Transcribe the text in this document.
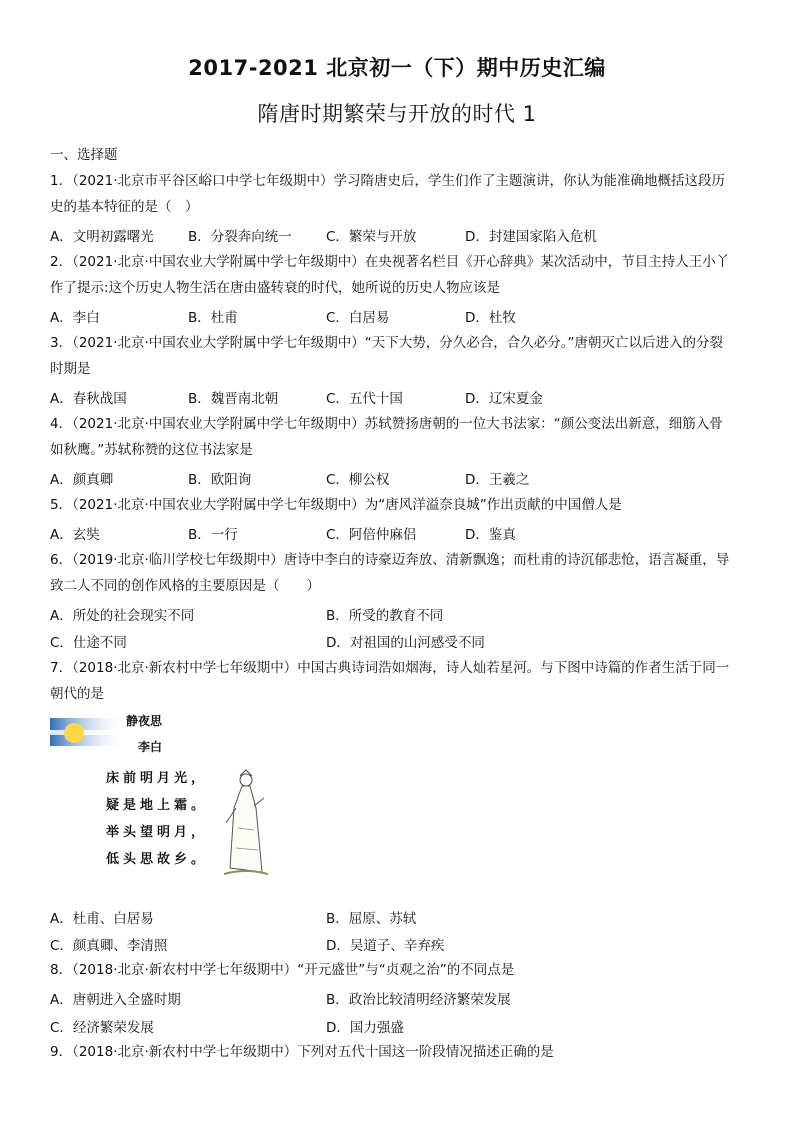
2017-2021 北京初一（下）期中历史汇编
隋唐时期繁荣与开放的时代 1
一、选择题
1．（2021·北京市平谷区峪口中学七年级期中）学习隋唐史后，学生们作了主题演讲，你认为能准确地概括这段历
史的基本特征的是（　）
A．文明初露曙光	B．分裂奔向统一	C．繁荣与开放	D．封建国家陷入危机
2．（2021·北京·中国农业大学附属中学七年级期中）在央视著名栏目《开心辞典》某次活动中，节目主持人王小丫
作了提示:这个历史人物生活在唐由盛转衰的时代，她所说的历史人物应该是
A．李白	B．杜甫	C．白居易	D．杜牧
3．（2021·北京·中国农业大学附属中学七年级期中）“天下大势，分久必合，合久必分。”唐朝灭亡以后进入的分裂
时期是
A．春秋战国	B．魏晋南北朝	C．五代十国	D．辽宋夏金
4．（2021·北京·中国农业大学附属中学七年级期中）苏轼赞扬唐朝的一位大书法家：“颜公变法出新意，细筋入骨
如秋鹰。”苏轼称赞的这位书法家是
A．颜真卿	B．欧阳询	C．柳公权	D．王羲之
5．（2021·北京·中国农业大学附属中学七年级期中）为“唐风洋溢奈良城”作出贡献的中国僧人是
A．玄奘	B．一行	C．阿倍仲麻侣	D．鉴真
6．（2019·北京·临川学校七年级期中）唐诗中李白的诗豪迈奔放、清新飘逸；而杜甫的诗沉郁悲怆，语言凝重，导
致二人不同的创作风格的主要原因是（　　）
A．所处的社会现实不同	B．所受的教育不同
C．仕途不同	D．对祖国的山河感受不同
7．（2018·北京·新农村中学七年级期中）中国古典诗词浩如烟海，诗人灿若星河。与下图中诗篇的作者生活于同一
朝代的是
静夜思
李白
床前明月光，
疑是地上霜。
举头望明月，
低头思故乡。
A．杜甫、白居易	B．屈原、苏轼
C．颜真卿、李清照	D．吴道子、辛弃疾
8．（2018·北京·新农村中学七年级期中）“开元盛世”与“贞观之治”的不同点是
A．唐朝进入全盛时期	B．政治比较清明经济繁荣发展
C．经济繁荣发展	D．国力强盛
9．（2018·北京·新农村中学七年级期中）下列对五代十国这一阶段情况描述正确的是
